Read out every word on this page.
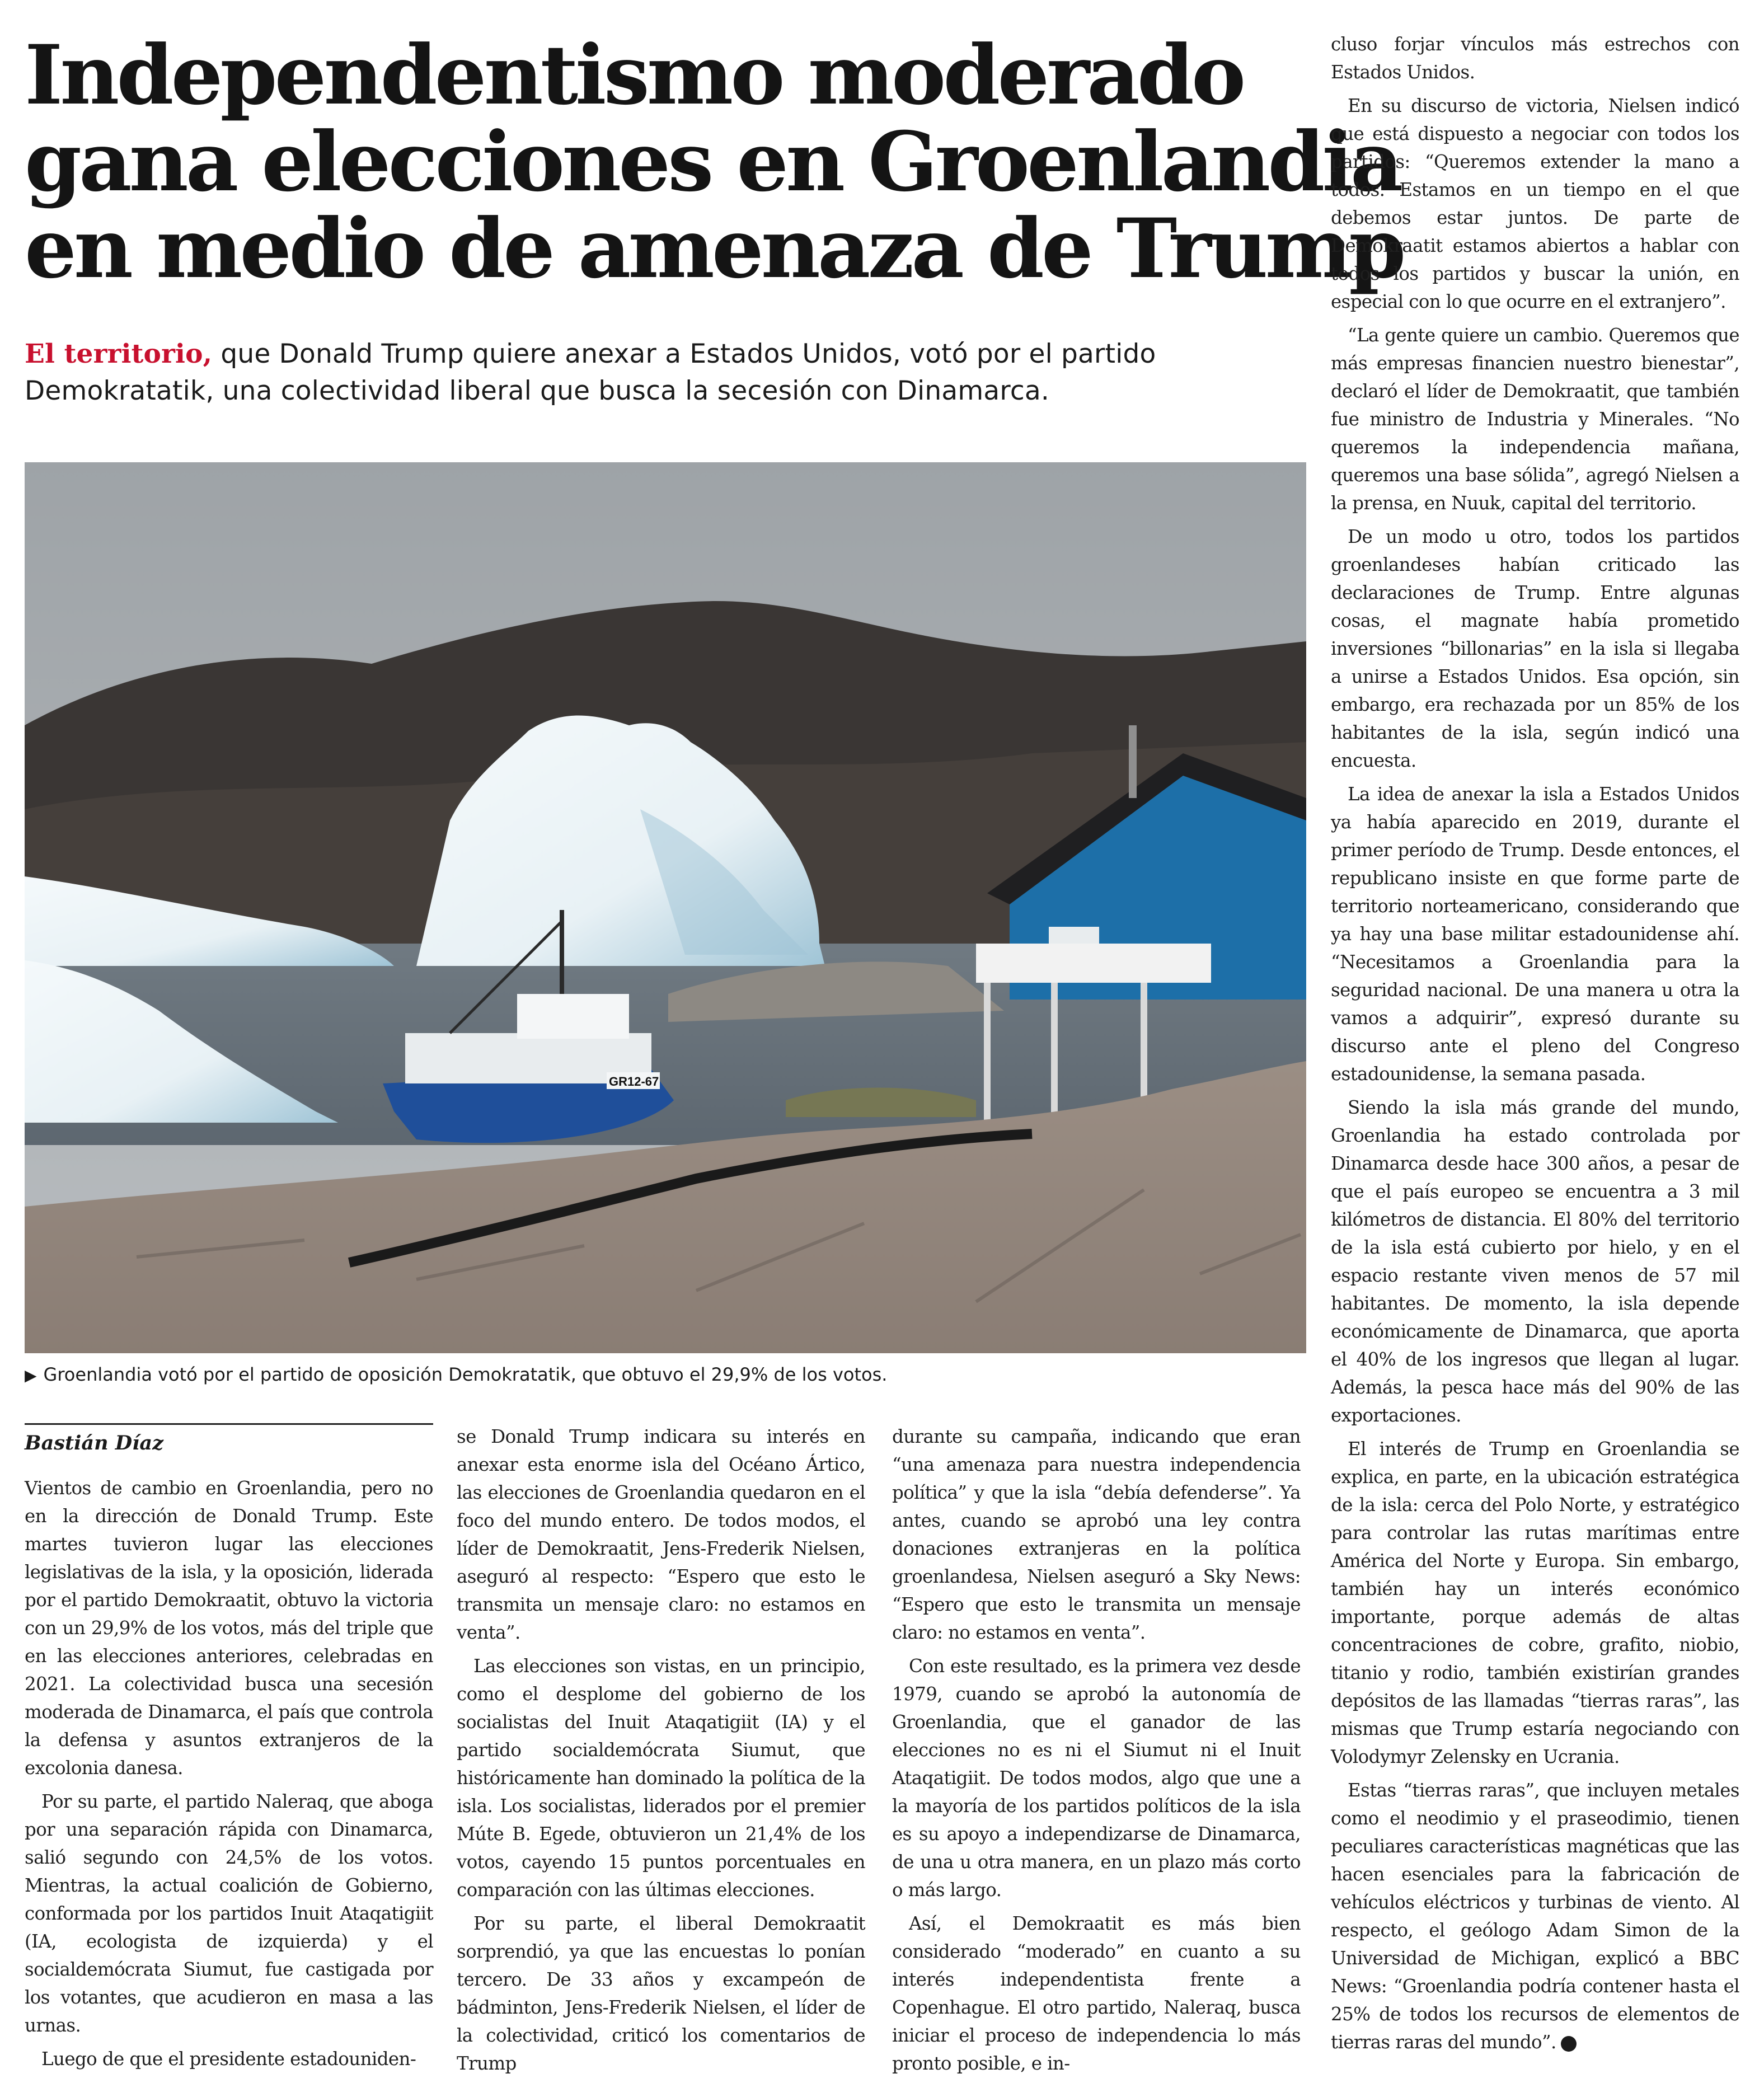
Independentismo moderado
gana elecciones en Groenlandia
en medio de amenaza de Trump

El territorio, que Donald Trump quiere anexar a Estados Unidos, votó por el partido Demokratatik, una colectividad liberal que busca la secesión con Dinamarca.

GR12-67

▶ Groenlandia votó por el partido de oposición Demokratatik, que obtuvo el 29,9% de los votos.

Bastián Díaz

Vientos de cambio en Groenlandia, pero no en la dirección de Donald Trump. Este martes tuvieron lugar las elecciones legislativas de la isla, y la oposición, liderada por el partido Demokraatit, obtuvo la victoria con un 29,9% de los votos, más del triple que en las elecciones anteriores, celebradas en 2021. La colectividad busca una secesión moderada de Dinamarca, el país que controla la defensa y asuntos extranjeros de la excolonia danesa.

Por su parte, el partido Naleraq, que aboga por una separación rápida con Dinamarca, salió segundo con 24,5% de los votos. Mientras, la actual coalición de Gobierno, conformada por los partidos Inuit Ataqatigiit (IA, ecologista de izquierda) y el socialdemócrata Siumut, fue castigada por los votantes, que acudieron en masa a las urnas.

Luego de que el presidente estadouniden-

se Donald Trump indicara su interés en anexar esta enorme isla del Océano Ártico, las elecciones de Groenlandia quedaron en el foco del mundo entero. De todos modos, el líder de Demokraatit, Jens-Frederik Nielsen, aseguró al respecto: “Espero que esto le transmita un mensaje claro: no estamos en venta”.

Las elecciones son vistas, en un principio, como el desplome del gobierno de los socialistas del Inuit Ataqatigiit (IA) y el partido socialdemócrata Siumut, que históricamente han dominado la política de la isla. Los socialistas, liderados por el premier Múte B. Egede, obtuvieron un 21,4% de los votos, cayendo 15 puntos porcentuales en comparación con las últimas elecciones.

Por su parte, el liberal Demokraatit sorprendió, ya que las encuestas lo ponían tercero. De 33 años y excampeón de bádminton, Jens-Frederik Nielsen, el líder de la colectividad, criticó los comentarios de Trump

durante su campaña, indicando que eran “una amenaza para nuestra independencia política” y que la isla “debía defenderse”. Ya antes, cuando se aprobó una ley contra donaciones extranjeras en la política groenlandesa, Nielsen aseguró a Sky News: “Espero que esto le transmita un mensaje claro: no estamos en venta”.

Con este resultado, es la primera vez desde 1979, cuando se aprobó la autonomía de Groenlandia, que el ganador de las elecciones no es ni el Siumut ni el Inuit Ataqatigiit. De todos modos, algo que une a la mayoría de los partidos políticos de la isla es su apoyo a independizarse de Dinamarca, de una u otra manera, en un plazo más corto o más largo.

Así, el Demokraatit es más bien considerado “moderado” en cuanto a su interés independentista frente a Copenhague. El otro partido, Naleraq, busca iniciar el proceso de independencia lo más pronto posible, e in-

cluso forjar vínculos más estrechos con Estados Unidos.

En su discurso de victoria, Nielsen indicó que está dispuesto a negociar con todos los partidos: “Queremos extender la mano a todos. Estamos en un tiempo en el que debemos estar juntos. De parte de Demokraatit estamos abiertos a hablar con todos los partidos y buscar la unión, en especial con lo que ocurre en el extranjero”.

“La gente quiere un cambio. Queremos que más empresas financien nuestro bienestar”, declaró el líder de Demokraatit, que también fue ministro de Industria y Minerales. “No queremos la independencia mañana, queremos una base sólida”, agregó Nielsen a la prensa, en Nuuk, capital del territorio.

De un modo u otro, todos los partidos groenlandeses habían criticado las declaraciones de Trump. Entre algunas cosas, el magnate había prometido inversiones “billonarias” en la isla si llegaba a unirse a Estados Unidos. Esa opción, sin embargo, era rechazada por un 85% de los habitantes de la isla, según indicó una encuesta.

La idea de anexar la isla a Estados Unidos ya había aparecido en 2019, durante el primer período de Trump. Desde entonces, el republicano insiste en que forme parte de territorio norteamericano, considerando que ya hay una base militar estadounidense ahí. “Necesitamos a Groenlandia para la seguridad nacional. De una manera u otra la vamos a adquirir”, expresó durante su discurso ante el pleno del Congreso estadounidense, la semana pasada.

Siendo la isla más grande del mundo, Groenlandia ha estado controlada por Dinamarca desde hace 300 años, a pesar de que el país europeo se encuentra a 3 mil kilómetros de distancia. El 80% del territorio de la isla está cubierto por hielo, y en el espacio restante viven menos de 57 mil habitantes. De momento, la isla depende económicamente de Dinamarca, que aporta el 40% de los ingresos que llegan al lugar. Además, la pesca hace más del 90% de las exportaciones.

El interés de Trump en Groenlandia se explica, en parte, en la ubicación estratégica de la isla: cerca del Polo Norte, y estratégico para controlar las rutas marítimas entre América del Norte y Europa. Sin embargo, también hay un interés económico importante, porque además de altas concentraciones de cobre, grafito, niobio, titanio y rodio, también existirían grandes depósitos de las llamadas “tierras raras”, las mismas que Trump estaría negociando con Volodymyr Zelensky en Ucrania.

Estas “tierras raras”, que incluyen metales como el neodimio y el praseodimio, tienen peculiares características magnéticas que las hacen esenciales para la fabricación de vehículos eléctricos y turbinas de viento. Al respecto, el geólogo Adam Simon de la Universidad de Michigan, explicó a BBC News: “Groenlandia podría contener hasta el 25% de todos los recursos de elementos de tierras raras del mundo”.
